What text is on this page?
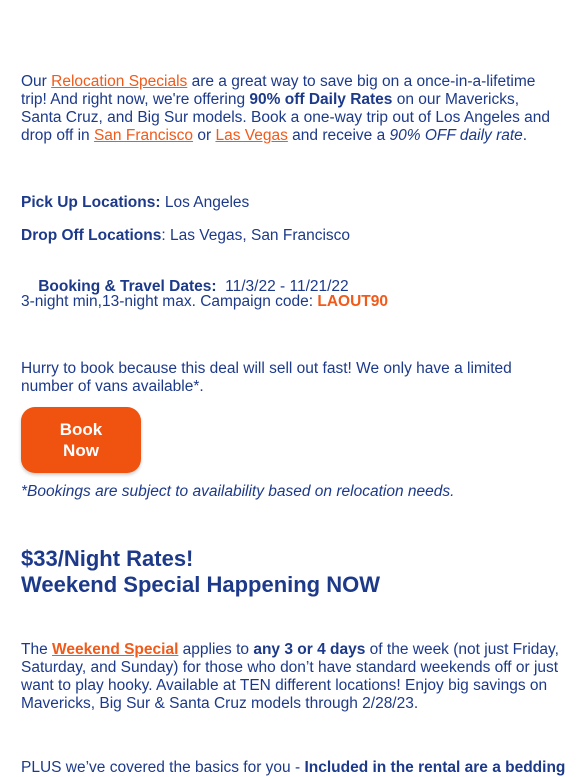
Our Relocation Specials are a great way to save big on a once-in-a-lifetime trip! And right now, we're offering 90% off Daily Rates on our Mavericks, Santa Cruz, and Big Sur models. Book a one-way trip out of Los Angeles and drop off in San Francisco or Las Vegas and receive a 90% OFF daily rate.

Pick Up Locations: Los Angeles

Drop Off Locations: Las Vegas, San Francisco

Booking & Travel Dates:  11/3/22 - 11/21/22

3-night min,13-night max. Campaign code: LAOUT90

Hurry to book because this deal will sell out fast! We only have a limited number of vans available*.

Book
Now

*Bookings are subject to availability based on relocation needs.

$33/Night Rates!
Weekend Special Happening NOW

The Weekend Special applies to any 3 or 4 days of the week (not just Friday, Saturday, and Sunday) for those who don’t have standard weekends off or just want to play hooky. Available at TEN different locations! Enjoy big savings on Mavericks, Big Sur & Santa Cruz models through 2/28/23.

PLUS we’ve covered the basics for you - Included in the rental are a bedding
